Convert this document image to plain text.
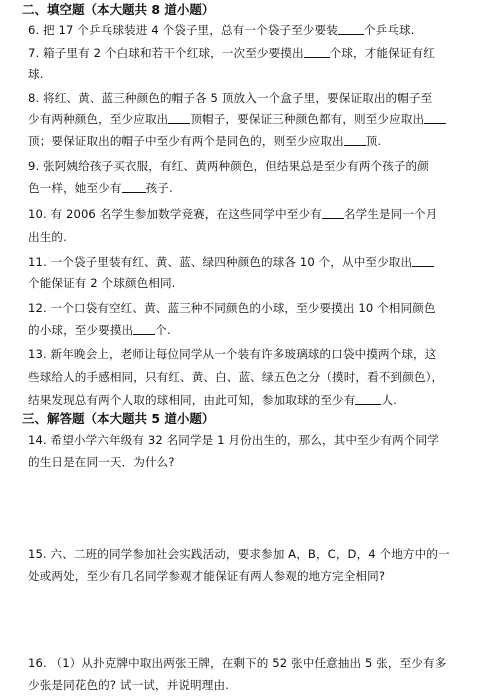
二、填空题（本大题共 8 道小题）
6. 把 17 个乒乓球装进 4 个袋子里，总有一个袋子至少要装 个乒乓球.
7. 箱子里有 2 个白球和若干个红球，一次至少要摸出 个球，才能保证有红
球.
8. 将红、黄、蓝三种颜色的帽子各 5 顶放入一个盒子里，要保证取出的帽子至
少有两种颜色，至少应取出 顶帽子，要保证三种颜色都有，则至少应取出
顶；要保证取出的帽子中至少有两个是同色的，则至少应取出 顶.
9. 张阿姨给孩子买衣服，有红、黄两种颜色，但结果总是至少有两个孩子的颜
色一样，她至少有 孩子.
10. 有 2006 名学生参加数学竞赛，在这些同学中至少有 名学生是同一个月
出生的.
11. 一个袋子里装有红、黄、蓝、绿四种颜色的球各 10 个，从中至少取出
个能保证有 2 个球颜色相同.
12. 一个口袋有空红、黄、蓝三种不同颜色的小球，至少要摸出 10 个相同颜色
的小球，至少要摸出 个.
13. 新年晚会上，老师让每位同学从一个装有许多玻璃球的口袋中摸两个球，这
些球给人的手感相同，只有红、黄、白、蓝、绿五色之分（摸时，看不到颜色），
结果发现总有两个人取的球相同，由此可知，参加取球的至少有 人.
三、解答题（本大题共 5 道小题）
14. 希望小学六年级有 32 名同学是 1 月份出生的，那么，其中至少有两个同学
的生日是在同一天．为什么?
15. 六、二班的同学参加社会实践活动，要求参加 A，B，C，D，4 个地方中的一
处或两处，至少有几名同学参观才能保证有两人参观的地方完全相同?
16. （1）从扑克牌中取出两张王牌，在剩下的 52 张中任意抽出 5 张，至少有多
少张是同花色的? 试一试，并说明理由.
